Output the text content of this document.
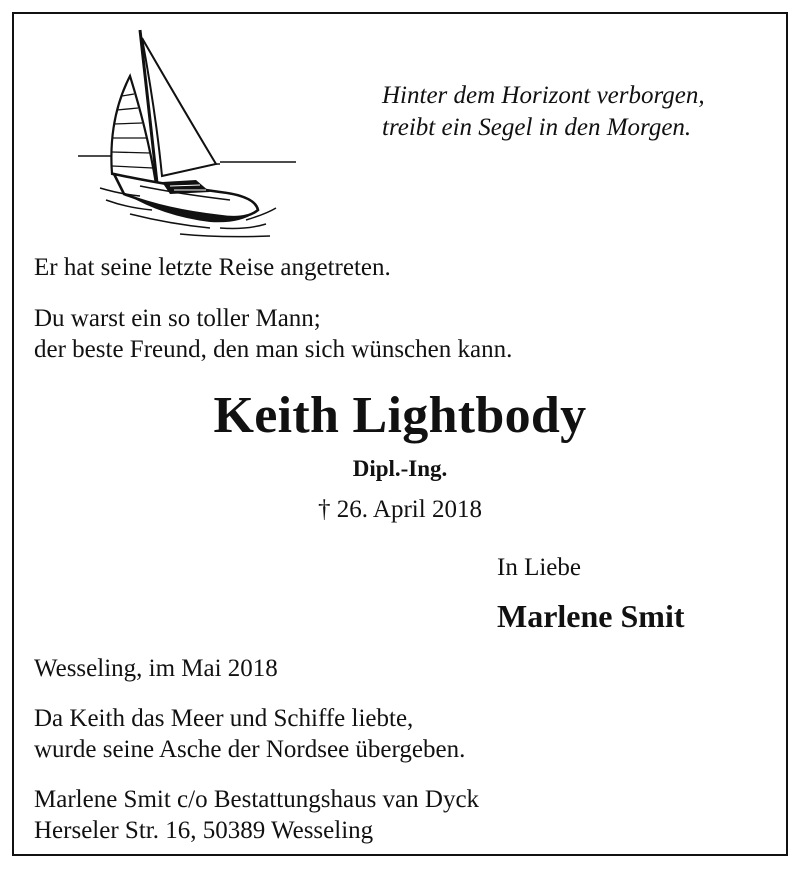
Hinter dem Horizont verborgen,
treibt ein Segel in den Morgen.
Er hat seine letzte Reise angetreten.
Du warst ein so toller Mann;
der beste Freund, den man sich wünschen kann.
Keith Lightbody
Dipl.-Ing.
† 26. April 2018
In Liebe
Marlene Smit
Wesseling, im Mai 2018
Da Keith das Meer und Schiffe liebte,
wurde seine Asche der Nordsee übergeben.
Marlene Smit c/o Bestattungshaus van Dyck
Herseler Str. 16, 50389 Wesseling
